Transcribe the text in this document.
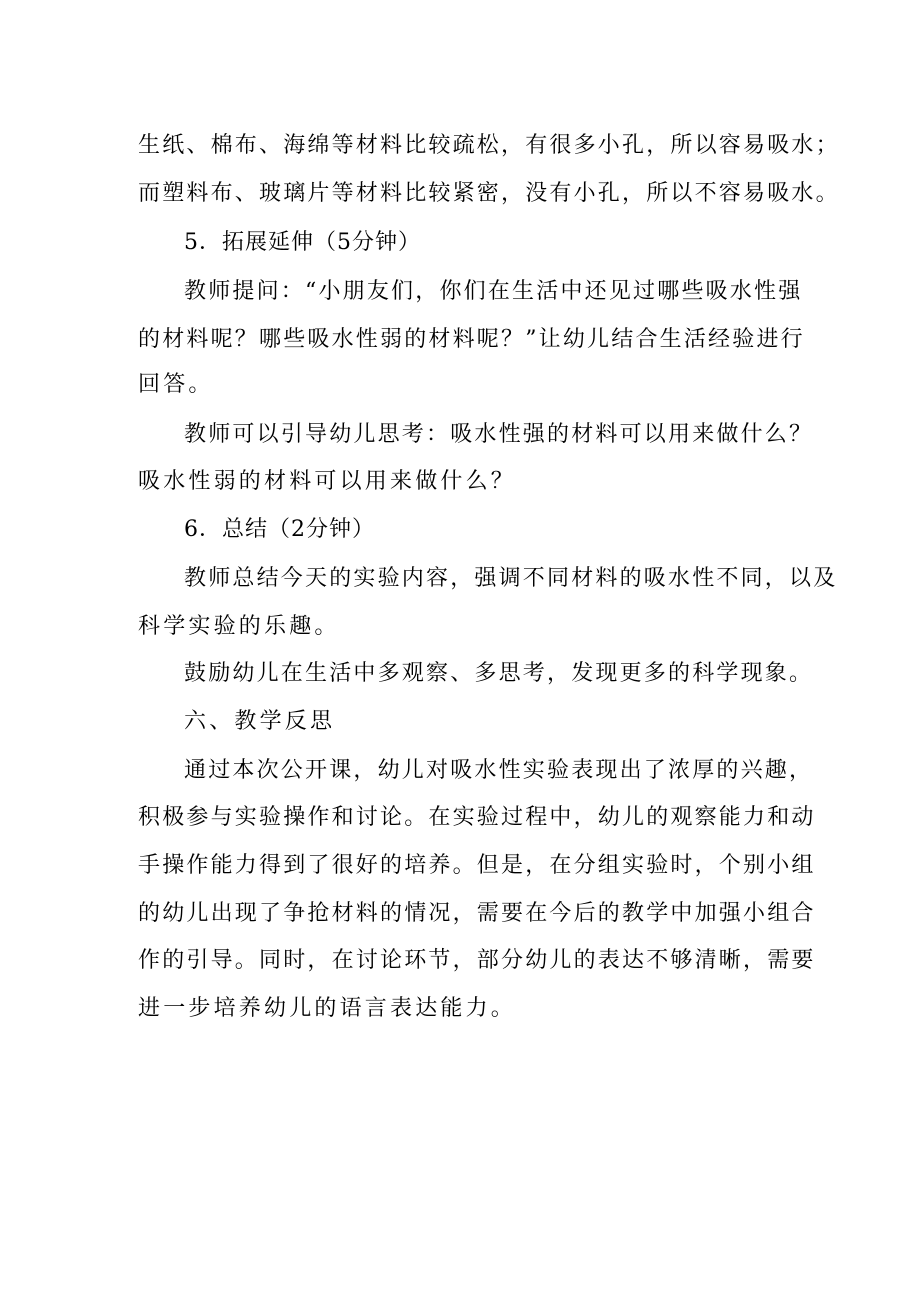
生纸、棉布、海绵等材料比较疏松，有很多小孔，所以容易吸水；
而塑料布、玻璃片等材料比较紧密，没有小孔，所以不容易吸水。
5．拓展延伸（5分钟）
教师提问：“小朋友们，你们在生活中还见过哪些吸水性强
的材料呢？哪些吸水性弱的材料呢？”让幼儿结合生活经验进行
回答。
教师可以引导幼儿思考：吸水性强的材料可以用来做什么？
吸水性弱的材料可以用来做什么？
6．总结（2分钟）
教师总结今天的实验内容，强调不同材料的吸水性不同，以及
科学实验的乐趣。
鼓励幼儿在生活中多观察、多思考，发现更多的科学现象。
六、教学反思
通过本次公开课，幼儿对吸水性实验表现出了浓厚的兴趣，
积极参与实验操作和讨论。在实验过程中，幼儿的观察能力和动
手操作能力得到了很好的培养。但是，在分组实验时，个别小组
的幼儿出现了争抢材料的情况，需要在今后的教学中加强小组合
作的引导。同时，在讨论环节，部分幼儿的表达不够清晰，需要
进一步培养幼儿的语言表达能力。
